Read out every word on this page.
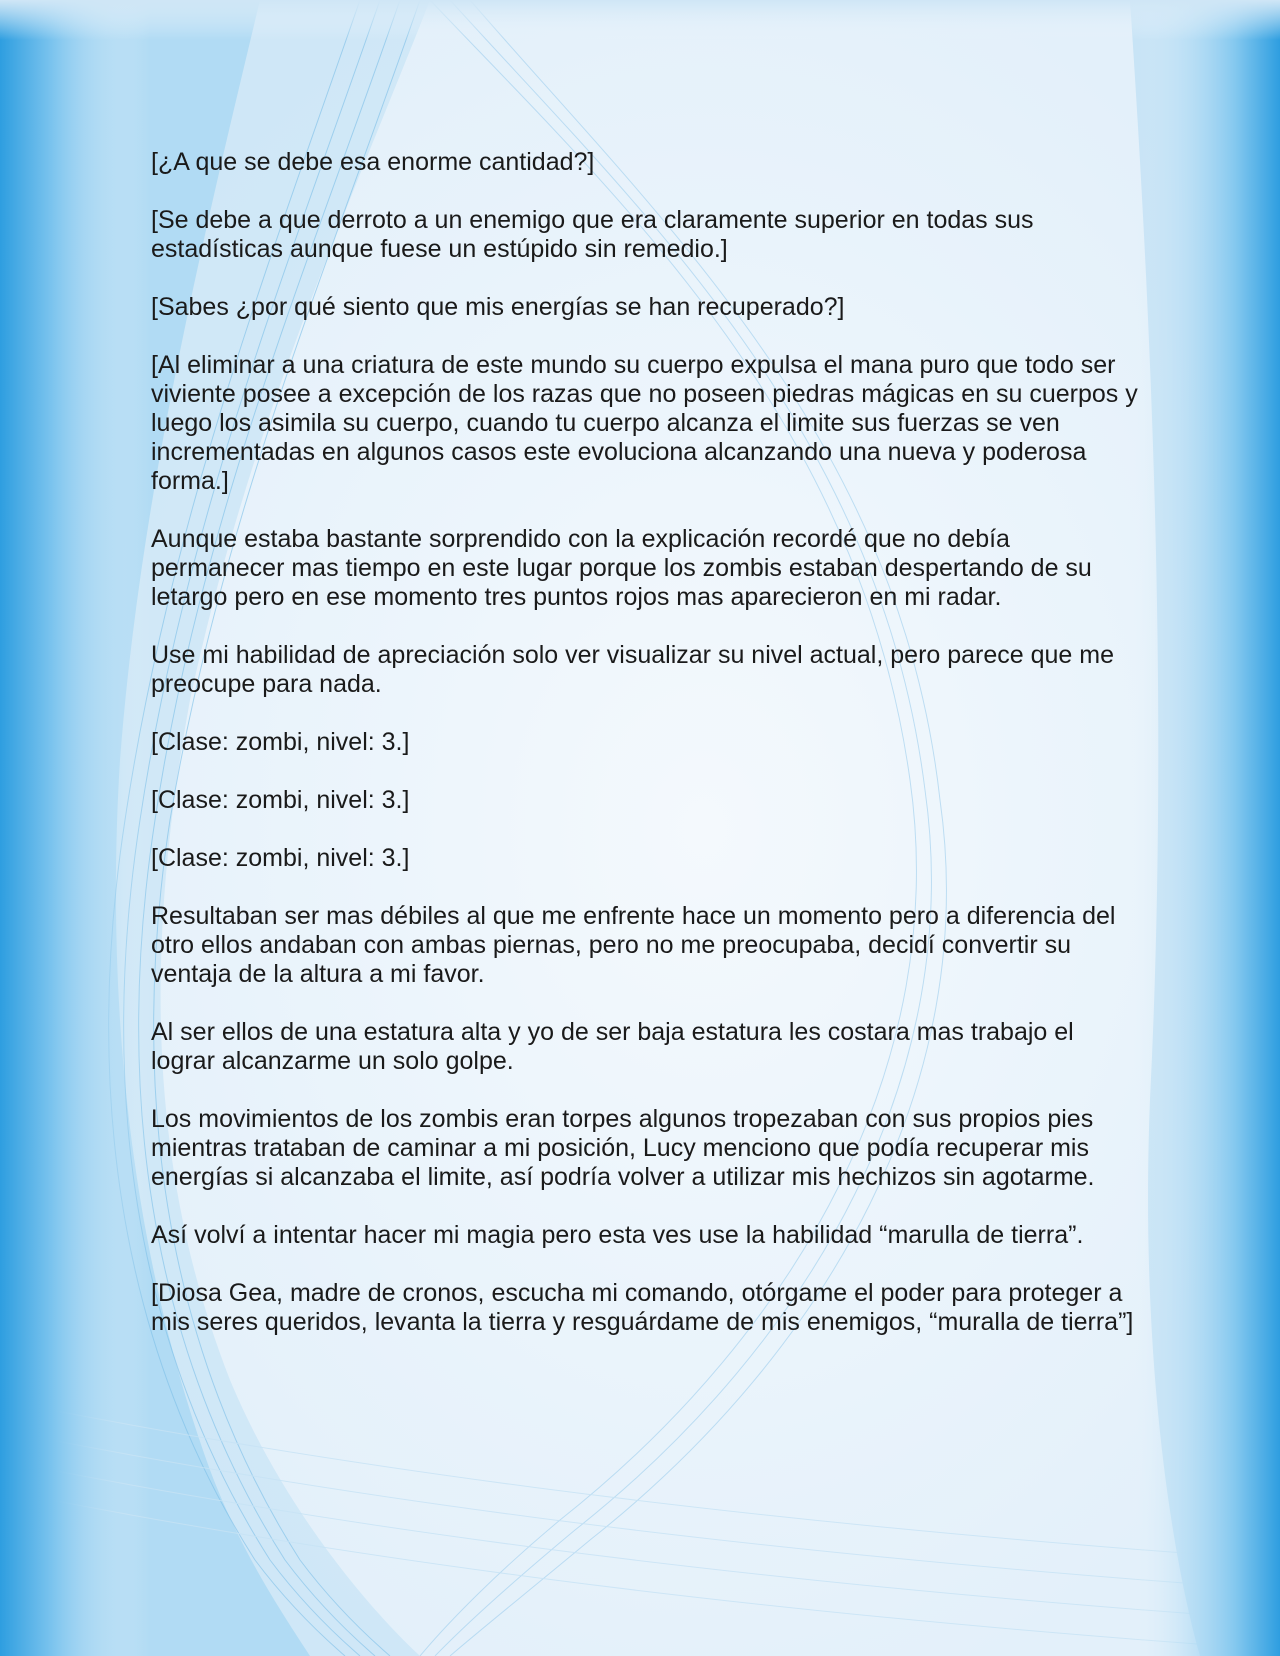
[¿A que se debe esa enorme cantidad?]

[Se debe a que derroto a un enemigo que era claramente superior en todas sus estadísticas aunque fuese un estúpido sin remedio.]

[Sabes ¿por qué siento que mis energías se han recuperado?]

[Al eliminar a una criatura de este mundo su cuerpo expulsa el mana puro que todo ser viviente posee a excepción de los razas que no poseen piedras mágicas en su cuerpos y luego los asimila su cuerpo, cuando tu cuerpo alcanza el limite sus fuerzas se ven incrementadas en algunos casos este evoluciona alcanzando una nueva y poderosa forma.]

Aunque estaba bastante sorprendido con la explicación recordé que no debía permanecer mas tiempo en este lugar porque los zombis estaban despertando de su letargo pero en ese momento tres puntos rojos mas aparecieron en mi radar.

Use mi habilidad de apreciación solo ver visualizar su nivel actual, pero parece que me preocupe para nada.

[Clase: zombi, nivel: 3.]

[Clase: zombi, nivel: 3.]

[Clase: zombi, nivel: 3.]

Resultaban ser mas débiles al que me enfrente hace un momento pero a diferencia del otro ellos andaban con ambas piernas, pero no me preocupaba, decidí convertir su ventaja de la altura a mi favor.

Al ser ellos de una estatura alta y yo de ser baja estatura les costara mas trabajo el lograr alcanzarme un solo golpe.

Los movimientos de los zombis eran torpes algunos tropezaban con sus propios pies mientras trataban de caminar a mi posición, Lucy menciono que podía recuperar mis energías si alcanzaba el limite, así podría volver a utilizar mis hechizos sin agotarme.

Así volví a intentar hacer mi magia pero esta ves use la habilidad “marulla de tierra”.

[Diosa Gea, madre de cronos, escucha mi comando, otórgame el poder para proteger a mis seres queridos, levanta la tierra y resguárdame de mis enemigos, “muralla de tierra”]
